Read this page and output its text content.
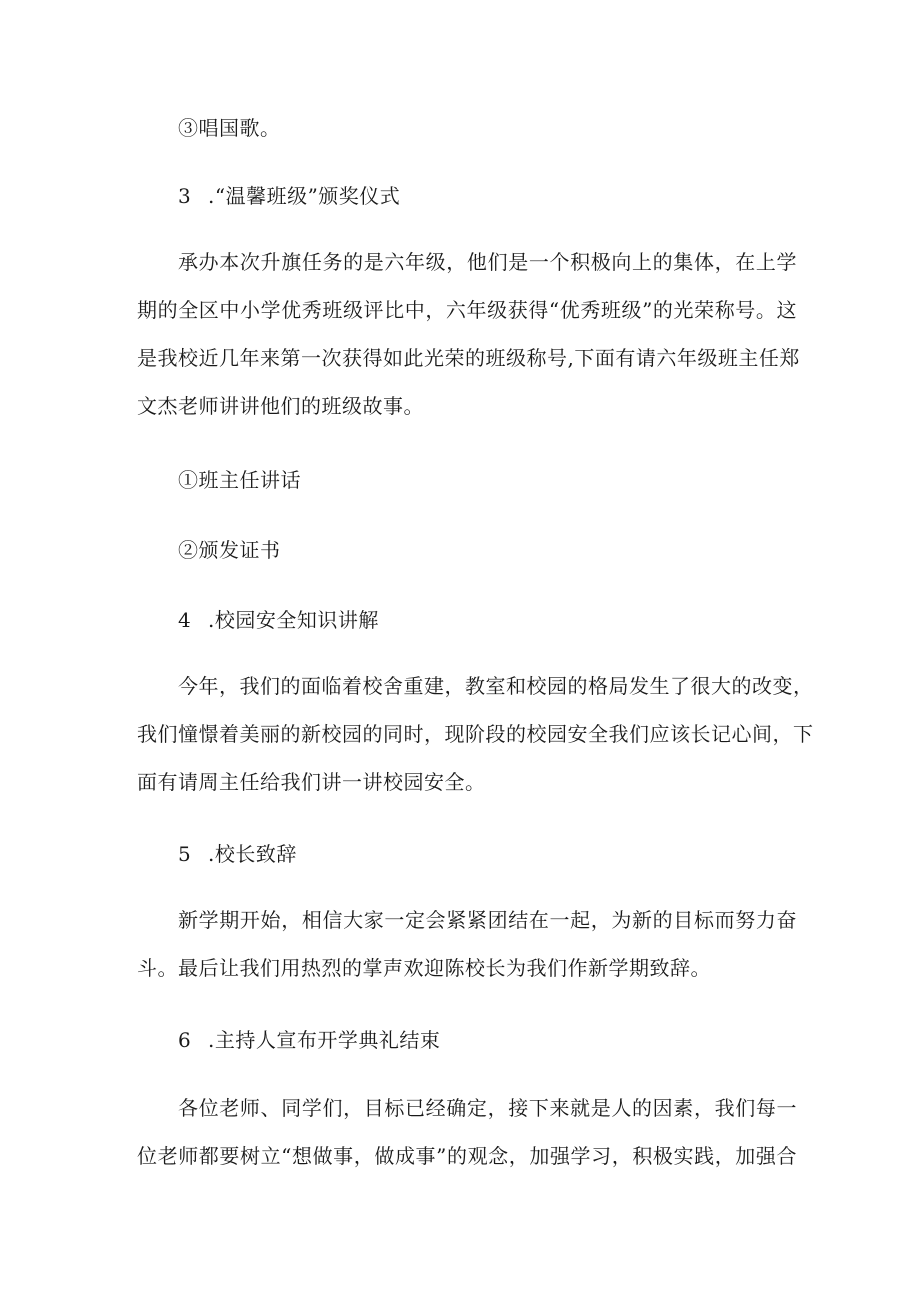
③唱国歌。
3 .“温馨班级”颁奖仪式
承办本次升旗任务的是六年级，他们是一个积极向上的集体，在上学
期的全区中小学优秀班级评比中，六年级获得“优秀班级”的光荣称号。这
是我校近几年来第一次获得如此光荣的班级称号,下面有请六年级班主任郑
文杰老师讲讲他们的班级故事。
①班主任讲话
②颁发证书
4 .校园安全知识讲解
今年，我们的面临着校舍重建，教室和校园的格局发生了很大的改变，
我们憧憬着美丽的新校园的同时，现阶段的校园安全我们应该长记心间，下
面有请周主任给我们讲一讲校园安全。
5 .校长致辞
新学期开始，相信大家一定会紧紧团结在一起，为新的目标而努力奋
斗。最后让我们用热烈的掌声欢迎陈校长为我们作新学期致辞。
6 .主持人宣布开学典礼结束
各位老师、同学们，目标已经确定，接下来就是人的因素，我们每一
位老师都要树立“想做事，做成事”的观念，加强学习，积极实践，加强合
